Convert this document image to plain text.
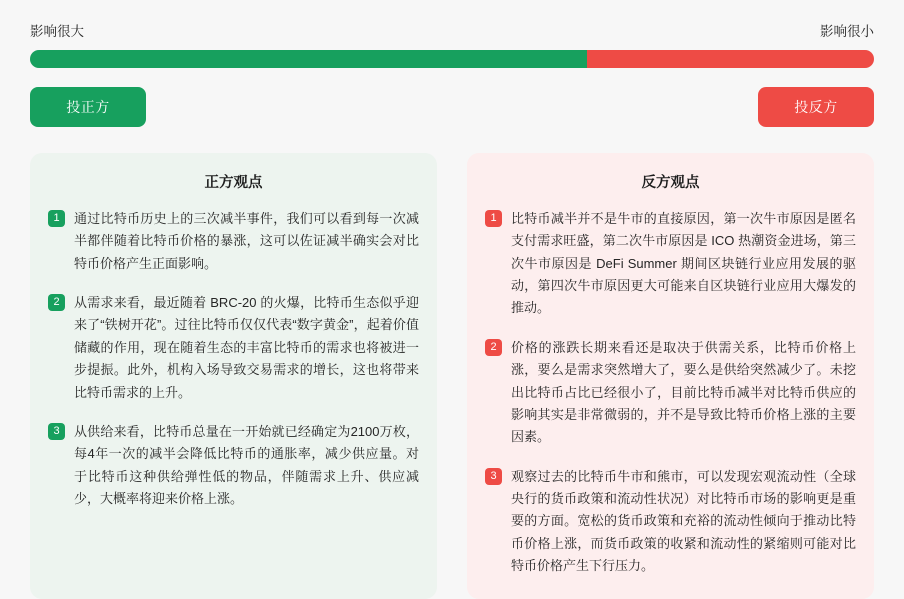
影响很大	影响很小
投正方	投反方
正方观点
1	通过比特币历史上的三次减半事件，我们可以看到每一次减半都伴随着比特币价格的暴涨，这可以佐证减半确实会对比特币价格产生正面影响。
2	从需求来看，最近随着 BRC-20 的火爆，比特币生态似乎迎来了“铁树开花”。过往比特币仅仅代表“数字黄金”，起着价值储藏的作用，现在随着生态的丰富比特币的需求也将被进一步提振。此外，机构入场导致交易需求的增长，这也将带来比特币需求的上升。
3	从供给来看，比特币总量在一开始就已经确定为2100万枚，每4年一次的减半会降低比特币的通胀率，减少供应量。对于比特币这种供给弹性低的物品，伴随需求上升、供应减少，大概率将迎来价格上涨。
反方观点
1	比特币减半并不是牛市的直接原因，第一次牛市原因是匿名支付需求旺盛，第二次牛市原因是 ICO 热潮资金进场，第三次牛市原因是 DeFi Summer 期间区块链行业应用发展的驱动，第四次牛市原因更大可能来自区块链行业应用大爆发的推动。
2	价格的涨跌长期来看还是取决于供需关系，比特币价格上涨，要么是需求突然增大了，要么是供给突然减少了。未挖出比特币占比已经很小了，目前比特币减半对比特币供应的影响其实是非常微弱的，并不是导致比特币价格上涨的主要因素。
3	观察过去的比特币牛市和熊市，可以发现宏观流动性（全球央行的货币政策和流动性状况）对比特币市场的影响更是重要的方面。宽松的货币政策和充裕的流动性倾向于推动比特币价格上涨，而货币政策的收紧和流动性的紧缩则可能对比特币价格产生下行压力。
